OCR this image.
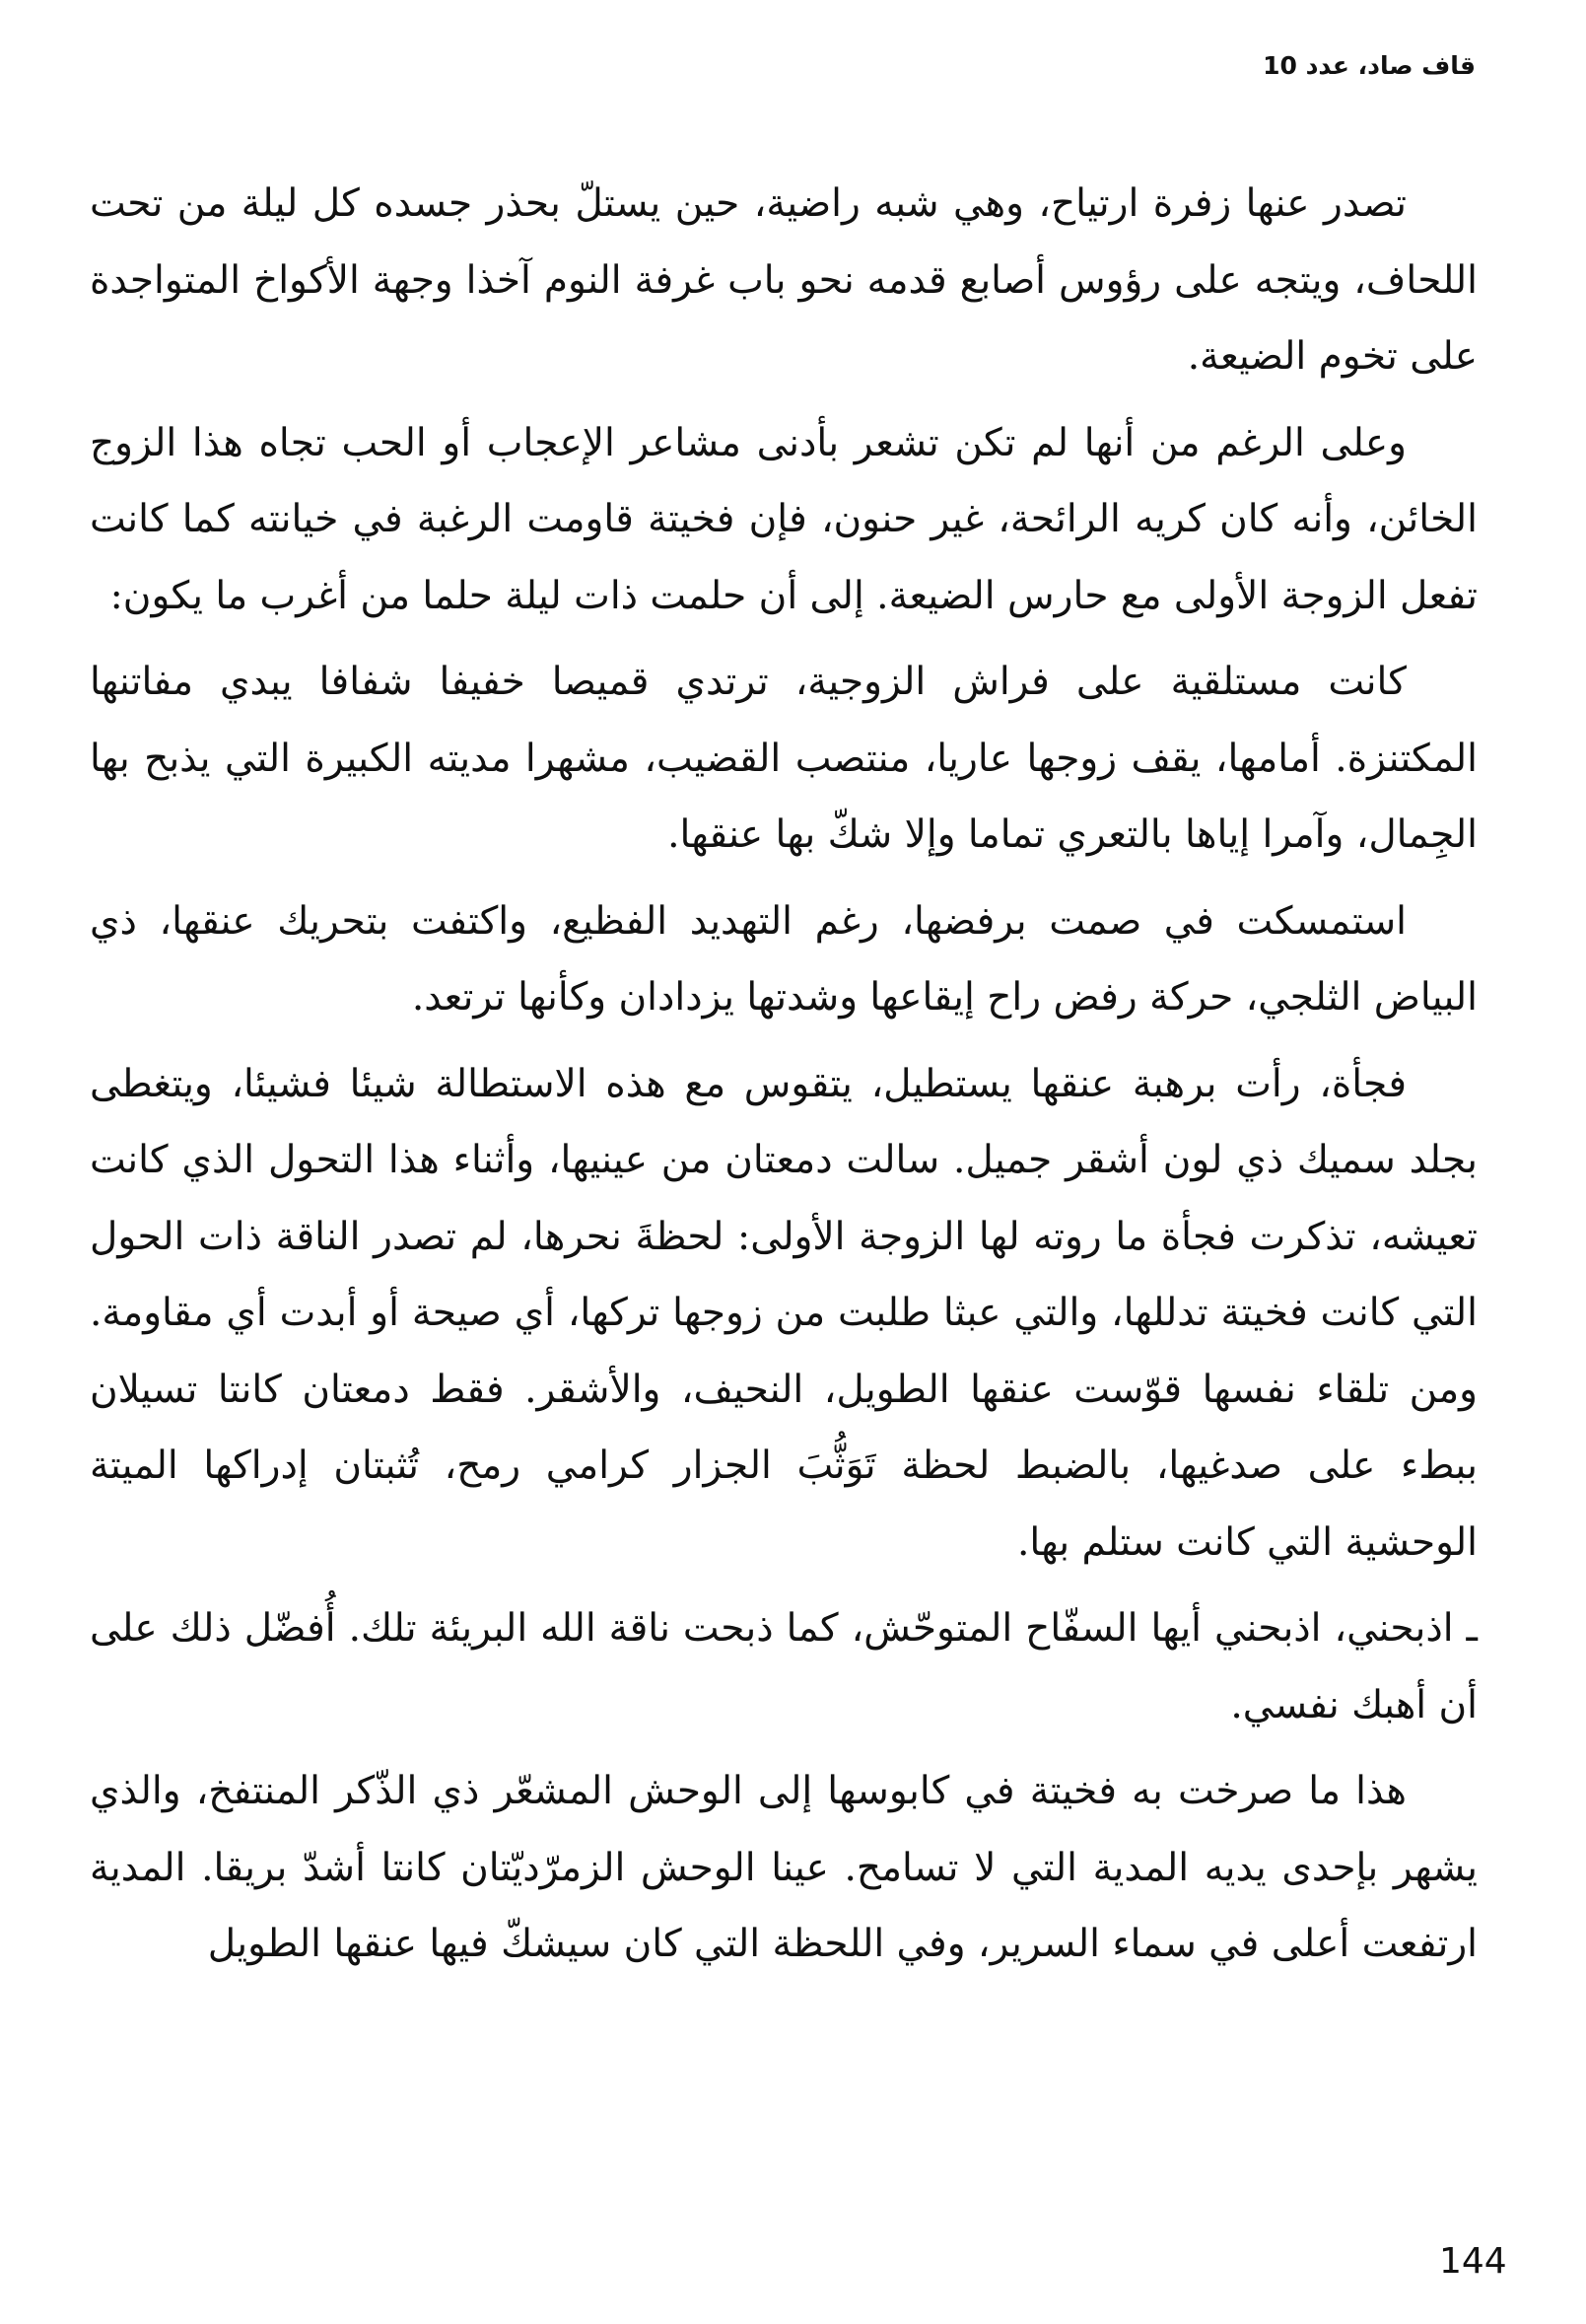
قاف صاد، عدد 10

تصدر عنها زفرة ارتياح، وهي شبه راضية، حين يستلّ بحذر جسده كل ليلة من تحت اللحاف، ويتجه على رؤوس أصابع قدمه نحو باب غرفة النوم آخذا وجهة الأكواخ المتواجدة على تخوم الضيعة.

وعلى الرغم من أنها لم تكن تشعر بأدنى مشاعر الإعجاب أو الحب تجاه هذا الزوج الخائن، وأنه كان كريه الرائحة، غير حنون، فإن فخيتة قاومت الرغبة في خيانته كما كانت تفعل الزوجة الأولى مع حارس الضيعة. إلى أن حلمت ذات ليلة حلما من أغرب ما يكون:

كانت مستلقية على فراش الزوجية، ترتدي قميصا خفيفا شفافا يبدي مفاتنها المكتنزة. أمامها، يقف زوجها عاريا، منتصب القضيب، مشهرا مديته الكبيرة التي يذبح بها الجِمال، وآمرا إياها بالتعري تماما وإلا شكّ بها عنقها.

استمسكت في صمت برفضها، رغم التهديد الفظيع، واكتفت بتحريك عنقها، ذي البياض الثلجي، حركة رفض راح إيقاعها وشدتها يزدادان وكأنها ترتعد.

فجأة، رأت برهبة عنقها يستطيل، يتقوس مع هذه الاستطالة شيئا فشيئا، ويتغطى بجلد سميك ذي لون أشقر جميل. سالت دمعتان من عينيها، وأثناء هذا التحول الذي كانت تعيشه، تذكرت فجأة ما روته لها الزوجة الأولى: لحظةَ نحرها، لم تصدر الناقة ذات الحول التي كانت فخيتة تدللها، والتي عبثا طلبت من زوجها تركها، أي صيحة أو أبدت أي مقاومة. ومن تلقاء نفسها قوّست عنقها الطويل، النحيف، والأشقر. فقط دمعتان كانتا تسيلان ببطء على صدغيها، بالضبط لحظة تَوَثُّبَ الجزار كرامي رمح، تُثبتان إدراكها الميتة الوحشية التي كانت ستلم بها.

ـ اذبحني، اذبحني أيها السفّاح المتوحّش، كما ذبحت ناقة الله البريئة تلك. أُفضّل ذلك على أن أهبك نفسي.

هذا ما صرخت به فخيتة في كابوسها إلى الوحش المشعّر ذي الذّكر المنتفخ، والذي يشهر بإحدى يديه المدية التي لا تسامح. عينا الوحش الزمرّديّتان كانتا أشدّ بريقا. المدية ارتفعت أعلى في سماء السرير، وفي اللحظة التي كان سيشكّ فيها عنقها الطويل

144
